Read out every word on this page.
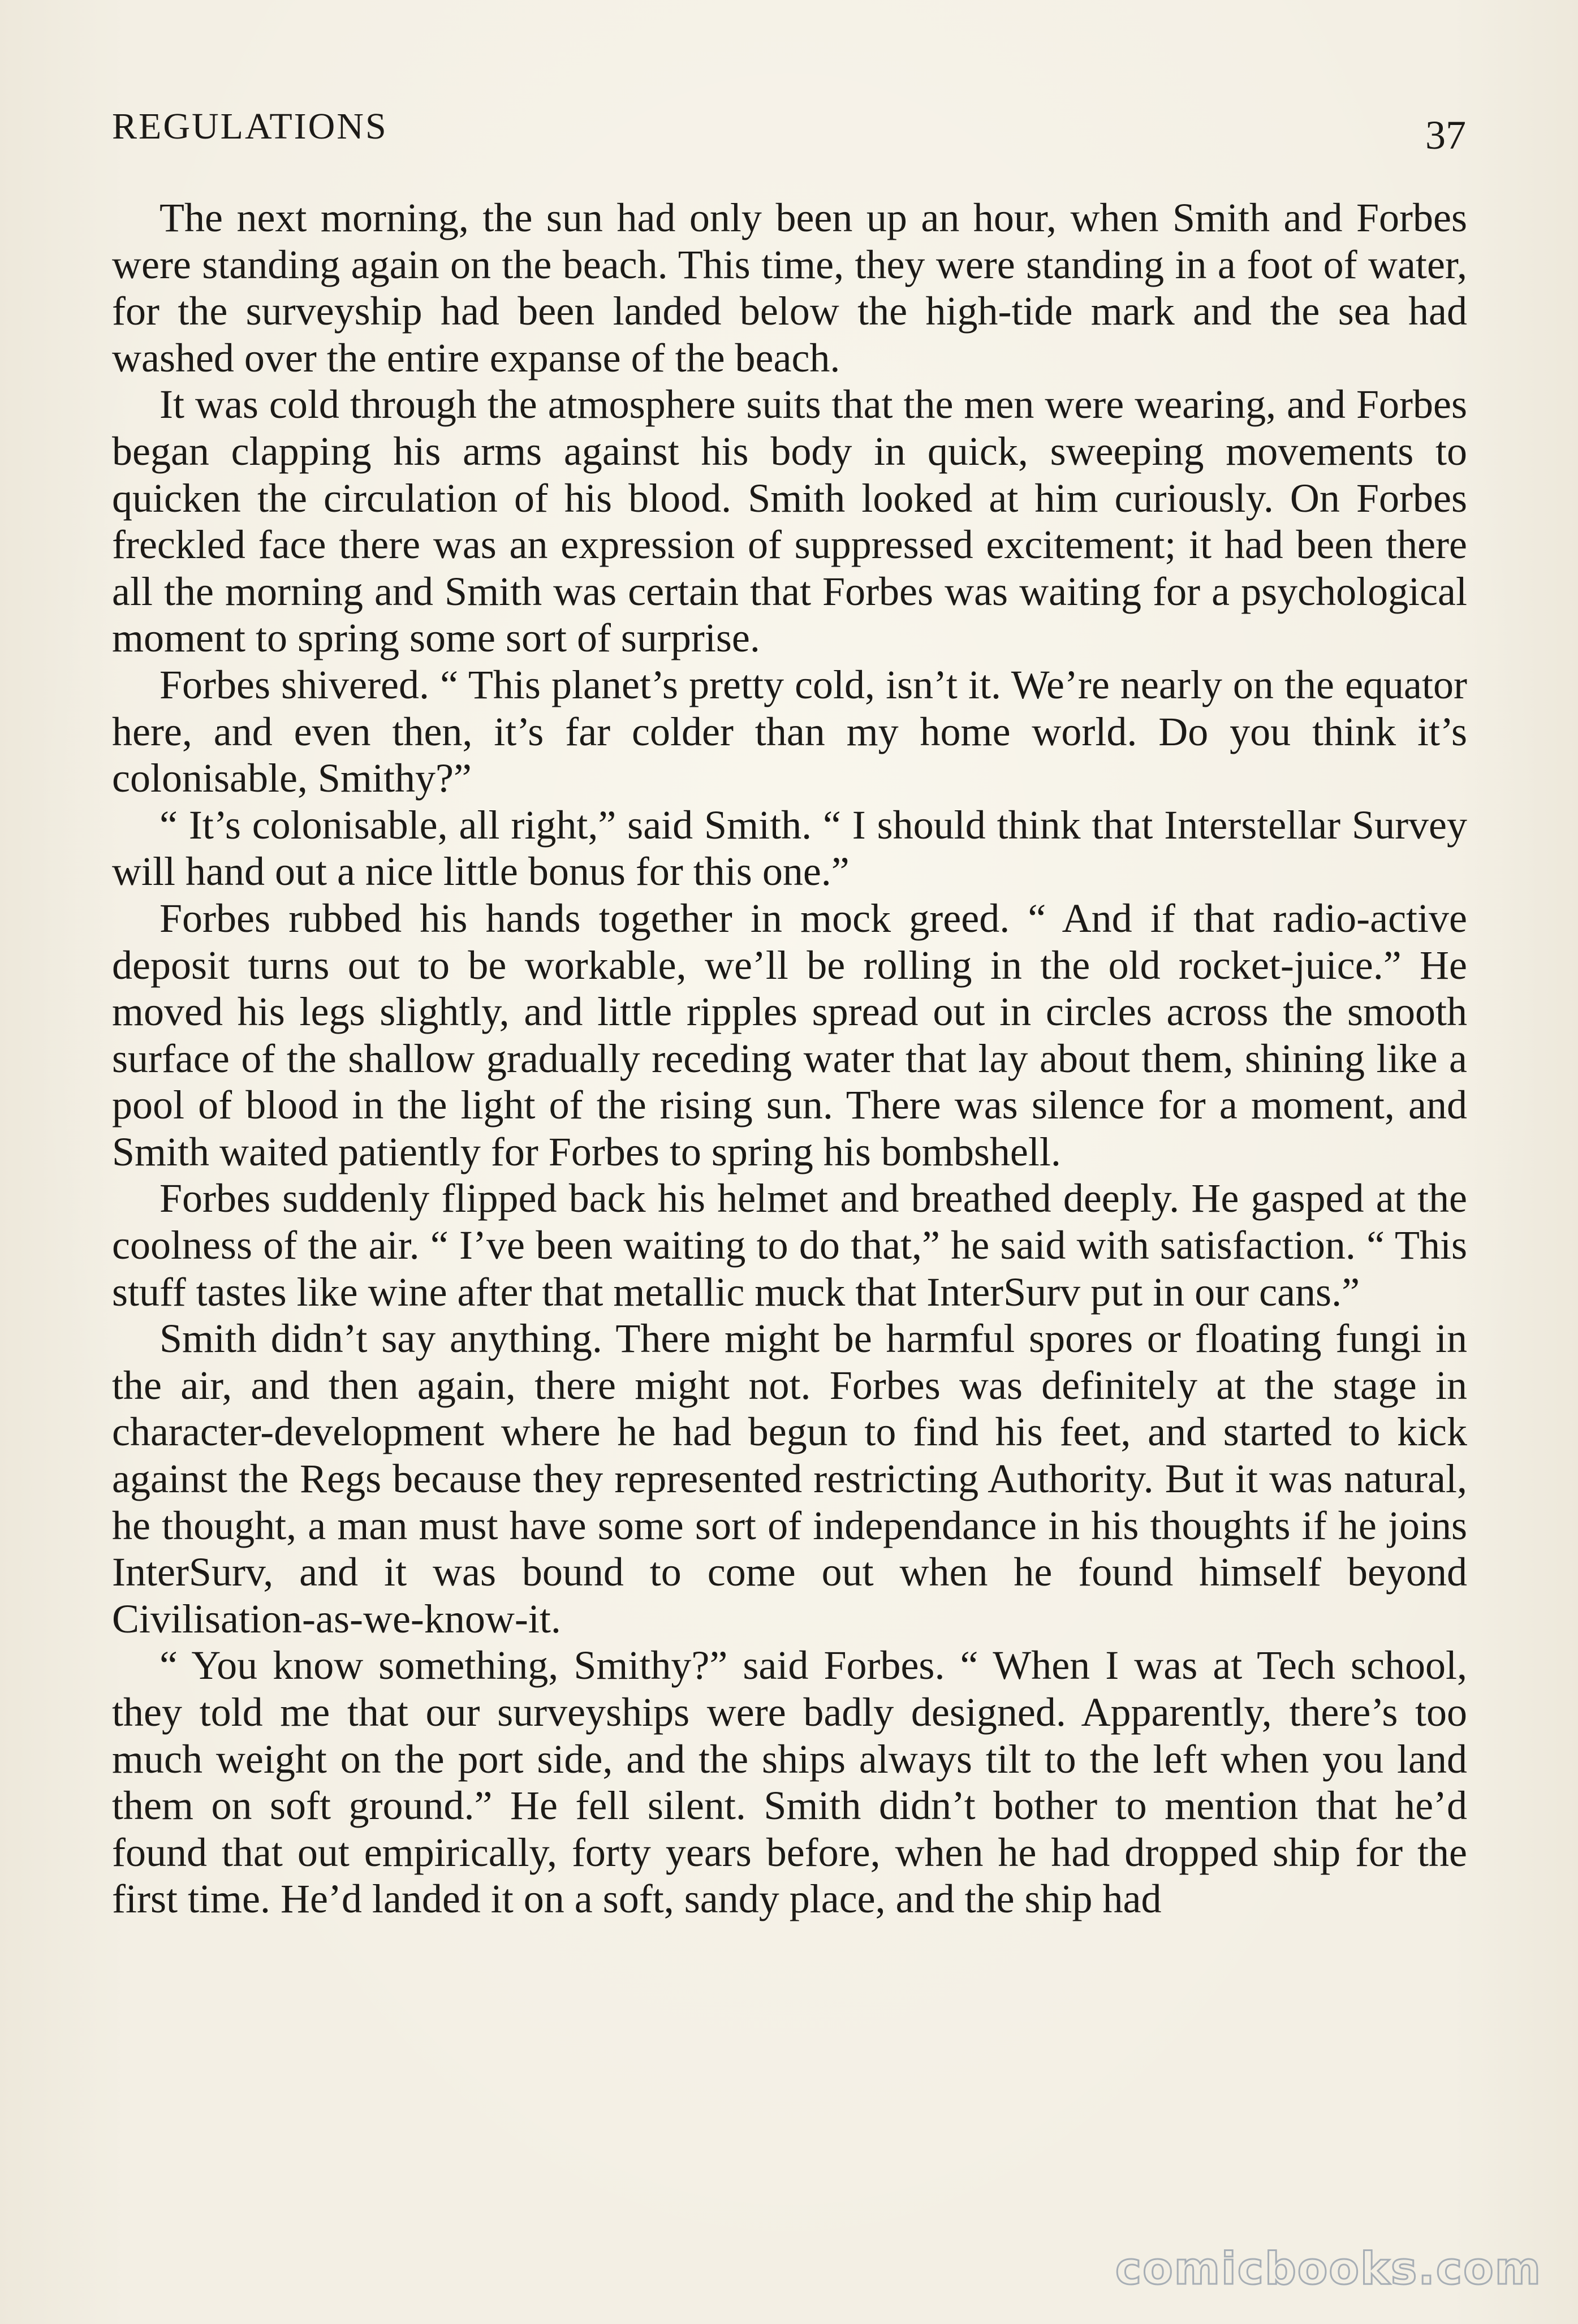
REGULATIONS	37

The next morning, the sun had only been up an hour, when Smith and Forbes were standing again on the beach. This time, they were standing in a foot of water, for the surveyship had been landed below the high-tide mark and the sea had washed over the entire expanse of the beach.

It was cold through the atmosphere suits that the men were wearing, and Forbes began clapping his arms against his body in quick, sweeping movements to quicken the circulation of his blood. Smith looked at him curiously. On Forbes freckled face there was an expression of suppressed excitement; it had been there all the morning and Smith was certain that Forbes was waiting for a psychological moment to spring some sort of surprise.

Forbes shivered. “ This planet’s pretty cold, isn’t it. We’re nearly on the equator here, and even then, it’s far colder than my home world. Do you think it’s colonisable, Smithy?”

“ It’s colonisable, all right,” said Smith. “ I should think that Interstellar Survey will hand out a nice little bonus for this one.”

Forbes rubbed his hands together in mock greed. “ And if that radio-active deposit turns out to be workable, we’ll be rolling in the old rocket-juice.” He moved his legs slightly, and little ripples spread out in circles across the smooth surface of the shallow gradually receding water that lay about them, shining like a pool of blood in the light of the rising sun. There was silence for a moment, and Smith waited patiently for Forbes to spring his bombshell.

Forbes suddenly flipped back his helmet and breathed deeply. He gasped at the coolness of the air. “ I’ve been waiting to do that,” he said with satisfaction. “ This stuff tastes like wine after that metallic muck that InterSurv put in our cans.”

Smith didn’t say anything. There might be harmful spores or floating fungi in the air, and then again, there might not. Forbes was definitely at the stage in character-development where he had begun to find his feet, and started to kick against the Regs because they represented restricting Authority. But it was natural, he thought, a man must have some sort of independance in his thoughts if he joins InterSurv, and it was bound to come out when he found himself beyond Civilisation-as-we-know-it.

“ You know something, Smithy?” said Forbes. “ When I was at Tech school, they told me that our surveyships were badly designed. Apparently, there’s too much weight on the port side, and the ships always tilt to the left when you land them on soft ground.” He fell silent. Smith didn’t bother to mention that he’d found that out empirically, forty years before, when he had dropped ship for the first time. He’d landed it on a soft, sandy place, and the ship had

comicbooks.com
